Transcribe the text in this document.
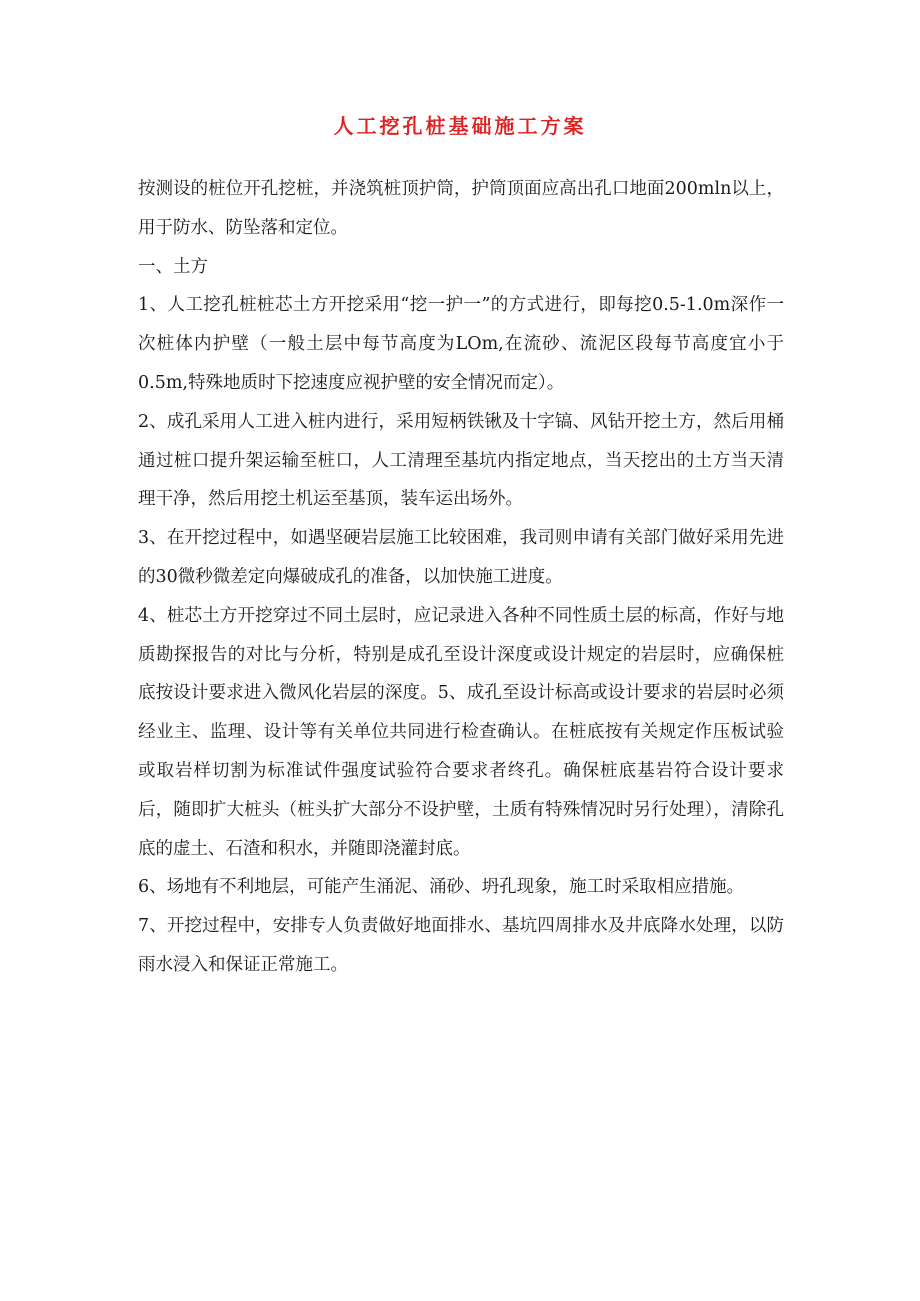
人工挖孔桩基础施工方案

按测设的桩位开孔挖桩，并浇筑桩顶护筒，护筒顶面应高出孔口地面200mln以上，用于防水、防坠落和定位。

一、土方

1、人工挖孔桩桩芯土方开挖采用“挖一护一”的方式进行，即每挖0.5-1.0m深作一次桩体内护壁（一般土层中每节高度为LOm,在流砂、流泥区段每节高度宜小于0.5m,特殊地质时下挖速度应视护壁的安全情况而定）。

2、成孔采用人工进入桩内进行，采用短柄铁锹及十字镐、风钻开挖土方，然后用桶通过桩口提升架运输至桩口，人工清理至基坑内指定地点，当天挖出的土方当天清理干净，然后用挖土机运至基顶，装车运出场外。

3、在开挖过程中，如遇坚硬岩层施工比较困难，我司则申请有关部门做好采用先进的30微秒微差定向爆破成孔的准备，以加快施工进度。

4、桩芯土方开挖穿过不同土层时，应记录进入各种不同性质土层的标高，作好与地质勘探报告的对比与分析，特别是成孔至设计深度或设计规定的岩层时，应确保桩底按设计要求进入微风化岩层的深度。5、成孔至设计标高或设计要求的岩层时必须经业主、监理、设计等有关单位共同进行检查确认。在桩底按有关规定作压板试验或取岩样切割为标准试件强度试验符合要求者终孔。确保桩底基岩符合设计要求后，随即扩大桩头（桩头扩大部分不设护壁，土质有特殊情况时另行处理），清除孔底的虚土、石渣和积水，并随即浇灌封底。

6、场地有不利地层，可能产生涌泥、涌砂、坍孔现象，施工时采取相应措施。

7、开挖过程中，安排专人负责做好地面排水、基坑四周排水及井底降水处理，以防雨水浸入和保证正常施工。
